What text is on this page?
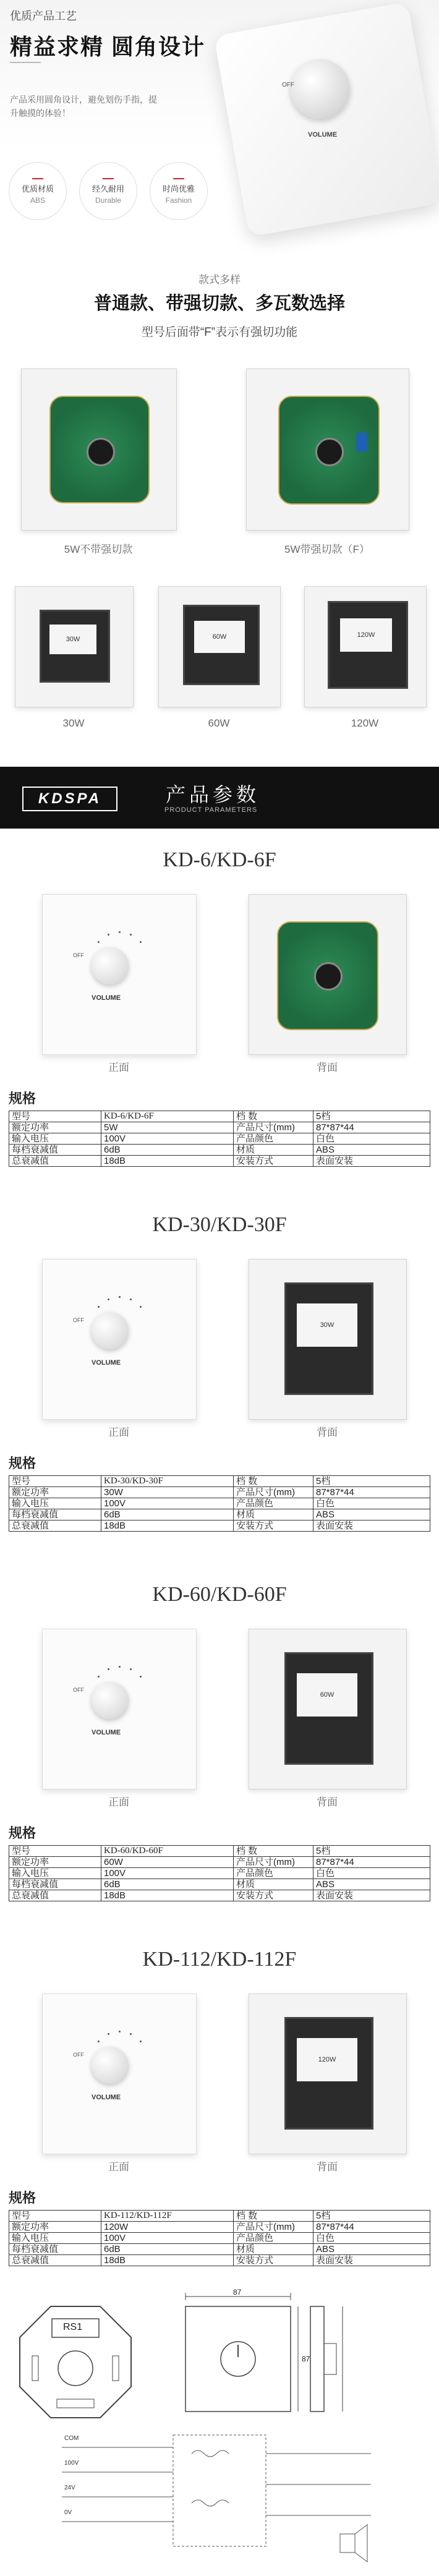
优质产品工艺
精益求精 圆角设计
产品采用圆角设计，避免划伤手指，提升触摸的体验！
优质材质
ABS
经久耐用
Durable
时尚优雅
Fashion
OFF
VOLUME
款式多样
普通款、带强切款、多瓦数选择
型号后面带“F”表示有强切功能
5W不带强切款	5W带强切款（F）
30W
30W
60W
60W
120W
120W
KDSPA	产品参数
PRODUCT PARAMETERS
KD-6/KD-6F
OFF
VOLUME
正面	背面
规格
型号	KD-6/KD-6F	档 数	5档
额定功率	5W	产品尺寸(mm)	87*87*44
输入电压	100V	产品颜色	白色
每档衰减值	6dB	材质	ABS
总衰减值	18dB	安装方式	表面安装
KD-30/KD-30F
OFF
VOLUME
正面
30W
背面
规格
型号	KD-30/KD-30F	档 数	5档
额定功率	30W	产品尺寸(mm)	87*87*44
输入电压	100V	产品颜色	白色
每档衰减值	6dB	材质	ABS
总衰减值	18dB	安装方式	表面安装
KD-60/KD-60F
OFF
VOLUME
正面
60W
背面
规格
型号	KD-60/KD-60F	档 数	5档
额定功率	60W	产品尺寸(mm)	87*87*44
输入电压	100V	产品颜色	白色
每档衰减值	6dB	材质	ABS
总衰减值	18dB	安装方式	表面安装
KD-112/KD-112F
OFF
VOLUME
正面
120W
背面
规格
型号	KD-112/KD-112F	档 数	5档
额定功率	120W	产品尺寸(mm)	87*87*44
输入电压	100V	产品颜色	白色
每档衰减值	6dB	材质	ABS
总衰减值	18dB	安装方式	表面安装
RS1
87
87
COM
100V
24V
0V
